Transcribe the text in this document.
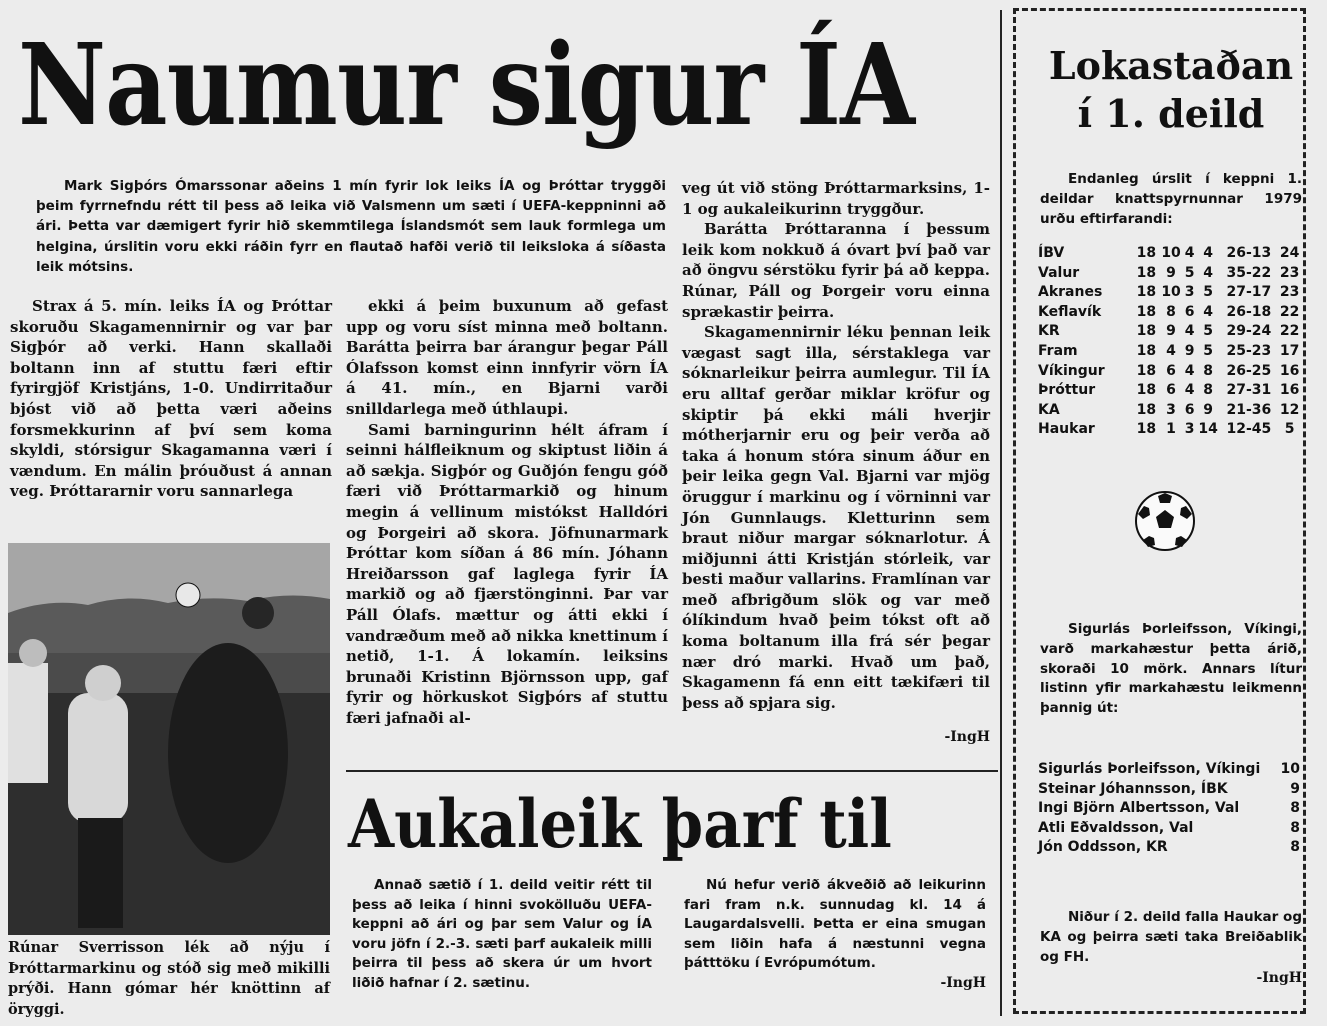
Naumur sigur ÍA
Mark Sigþórs Ómarssonar aðeins 1 mín fyrir lok leiks ÍA og Þróttar tryggði þeim fyrrnefndu rétt til þess að leika við Valsmenn um sæti í UEFA-keppninni að ári. Þetta var dæmigert fyrir hið skemmtilega Íslandsmót sem lauk formlega um helgina, úrslitin voru ekki ráðin fyrr en flautað hafði verið til leiksloka á síðasta leik mótsins.

Strax á 5. mín. leiks ÍA og Þróttar skoruðu Skagamennirnir og var þar Sigþór að verki. Hann skallaði boltann inn af stuttu færi eftir fyrirgjöf Kristjáns, 1-0. Undirritaður bjóst við að þetta væri aðeins forsmekkurinn af því sem koma skyldi, stórsigur Skagamanna væri í vændum. En málin þróuðust á annan veg. Þróttararnir voru sannarlega

Rúnar Sverrisson lék að nýju í Þróttarmarkinu og stóð sig með mikilli prýði. Hann gómar hér knöttinn af öryggi.

ekki á þeim buxunum að gefast upp og voru síst minna með boltann. Barátta þeirra bar árangur þegar Páll Ólafsson komst einn innfyrir vörn ÍA á 41. mín., en Bjarni varði snilldarlega með úthlaupi.

Sami barningurinn hélt áfram í seinni hálfleiknum og skiptust liðin á að sækja. Sigþór og Guðjón fengu góð færi við Þróttarmarkið og hinum megin á vellinum mistókst Halldóri og Þorgeiri að skora. Jöfnunarmark Þróttar kom síðan á 86 mín. Jóhann Hreiðarsson gaf laglega fyrir ÍA markið og að fjærstönginni. Þar var Páll Ólafs. mættur og átti ekki í vandræðum með að nikka knettinum í netið, 1-1. Á lokamín. leiksins brunaði Kristinn Björnsson upp, gaf fyrir og hörkuskot Sigþórs af stuttu færi jafnaði al-

veg út við stöng Þróttarmarksins, 1-1 og aukaleikurinn tryggður.

Barátta Þróttaranna í þessum leik kom nokkuð á óvart því það var að öngvu sérstöku fyrir þá að keppa. Rúnar, Páll og Þorgeir voru einna sprækastir þeirra.

Skagamennirnir léku þennan leik vægast sagt illa, sérstaklega var sóknarleikur þeirra aumlegur. Til ÍA eru alltaf gerðar miklar kröfur og skiptir þá ekki máli hverjir mótherjarnir eru og þeir verða að taka á honum stóra sinum áður en þeir leika gegn Val. Bjarni var mjög öruggur í markinu og í vörninni var Jón Gunnlaugs. Kletturinn sem braut niður margar sóknarlotur. Á miðjunni átti Kristján stórleik, var besti maður vallarins. Framlínan var með afbrigðum slök og var með ólíkindum hvað þeim tókst oft að koma boltanum illa frá sér þegar nær dró marki. Hvað um það, Skagamenn fá enn eitt tækifæri til þess að spjara sig.

-IngH
Aukaleik þarf til

Annað sætið í 1. deild veitir rétt til þess að leika í hinni svokölluðu UEFA-keppni að ári og þar sem Valur og ÍA voru jöfn í 2.-3. sæti þarf aukaleik milli þeirra til þess að skera úr um hvort liðið hafnar í 2. sætinu.

Nú hefur verið ákveðið að leikurinn fari fram n.k. sunnudag kl. 14 á Laugardalsvelli. Þetta er eina smugan sem liðin hafa á næstunni vegna þátttöku í Evrópumótum.

-IngH
Lokastaðan
í 1. deild
Endanleg úrslit í keppni 1. deildar knattspyrnunnar 1979 urðu eftirfarandi:
ÍBV	18	10	4	4	26-13	24
Valur	18	9	5	4	35-22	23
Akranes	18	10	3	5	27-17	23
Keflavík	18	8	6	4	26-18	22
KR	18	9	4	5	29-24	22
Fram	18	4	9	5	25-23	17
Víkingur	18	6	4	8	26-25	16
Þróttur	18	6	4	8	27-31	16
KA	18	3	6	9	21-36	12
Haukar	18	1	3	14	12-45	5
Sigurlás Þorleifsson, Víkingi, varð markahæstur þetta árið, skoraði 10 mörk. Annars lítur listinn yfir markahæstu leikmenn þannig út:
Sigurlás Þorleifsson, Víkingi	10
Steinar Jóhannsson, ÍBK	9
Ingi Björn Albertsson, Val	8
Atli Eðvaldsson, Val	8
Jón Oddsson, KR	8
Niður í 2. deild falla Haukar og KA og þeirra sæti taka Breiðablik og FH.
-IngH
